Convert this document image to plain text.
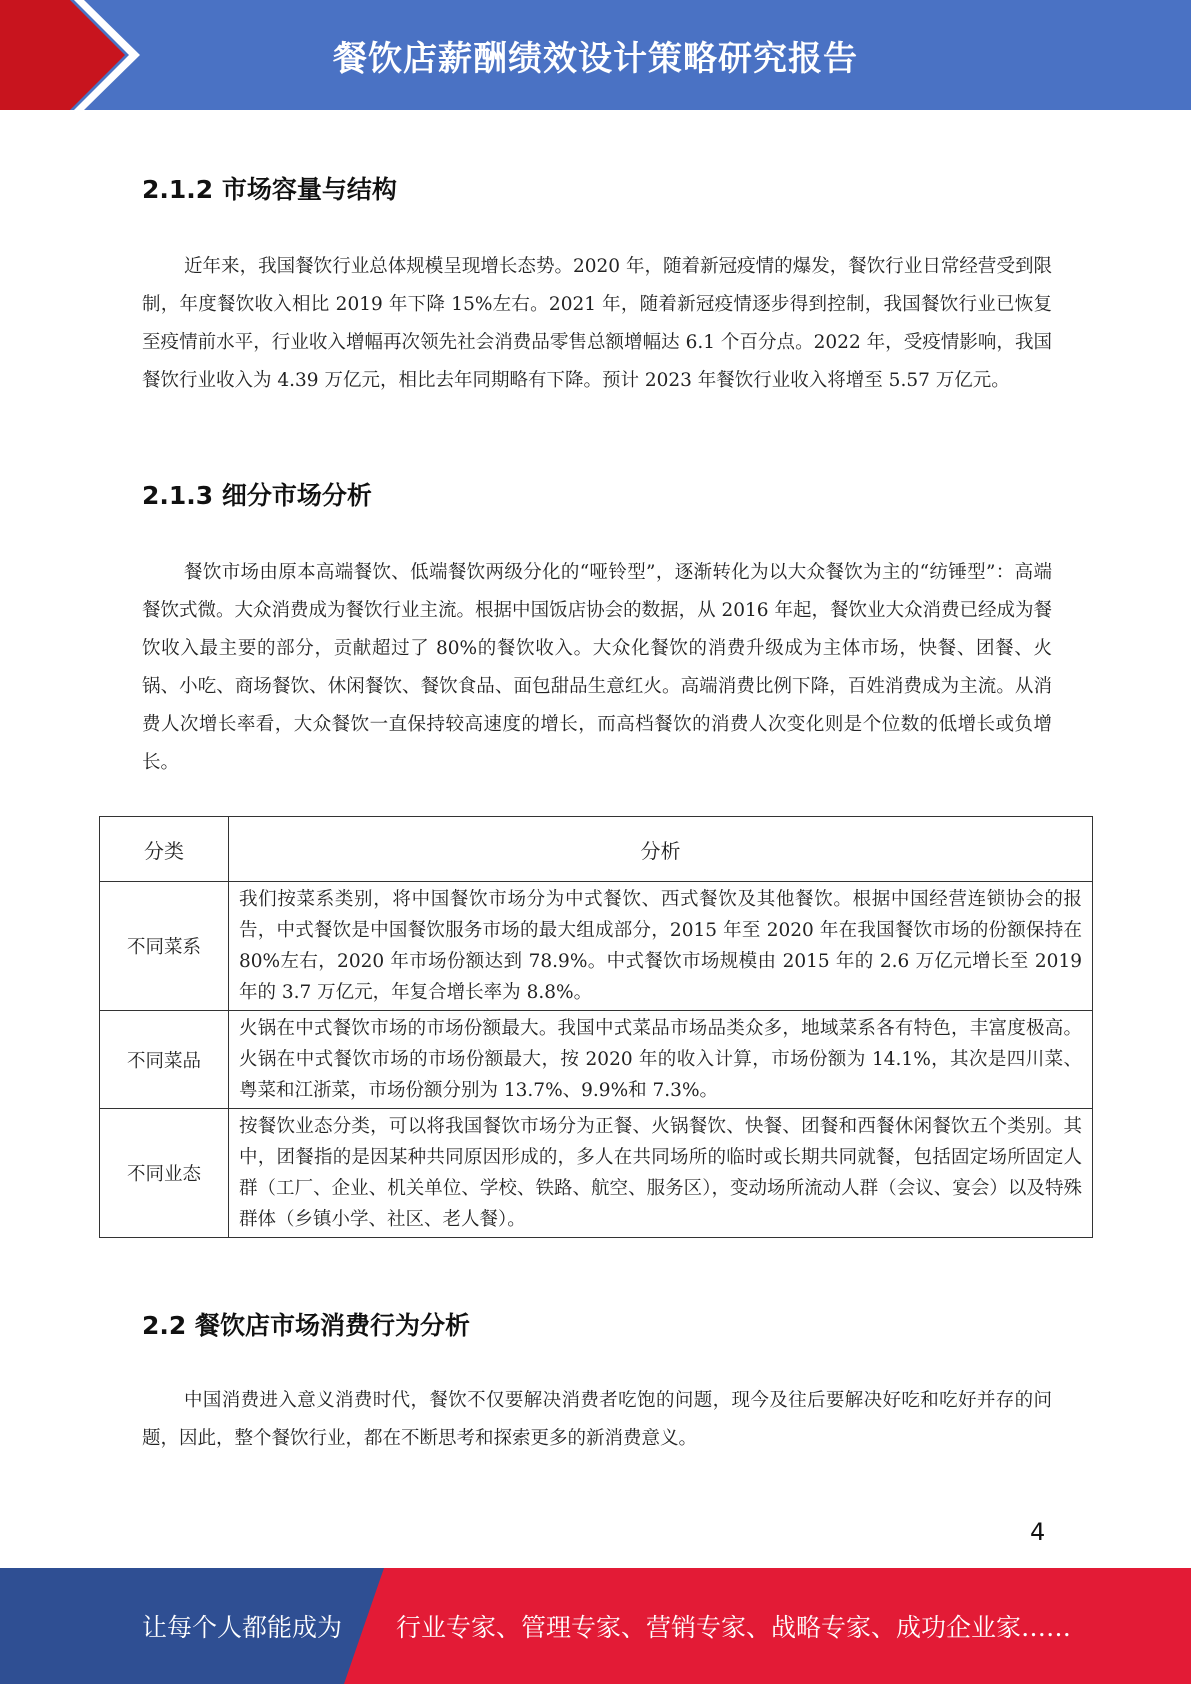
餐饮店薪酬绩效设计策略研究报告
2.1.2 市场容量与结构

近年来，我国餐饮行业总体规模呈现增长态势。2020 年，随着新冠疫情的爆发，餐饮行业日常经营受到限制，年度餐饮收入相比 2019 年下降 15%左右。2021 年，随着新冠疫情逐步得到控制，我国餐饮行业已恢复至疫情前水平，行业收入增幅再次领先社会消费品零售总额增幅达 6.1 个百分点。2022 年，受疫情影响，我国餐饮行业收入为 4.39 万亿元，相比去年同期略有下降。预计 2023 年餐饮行业收入将增至 5.57 万亿元。

2.1.3 细分市场分析

餐饮市场由原本高端餐饮、低端餐饮两级分化的“哑铃型”，逐渐转化为以大众餐饮为主的“纺锤型”：高端餐饮式微。大众消费成为餐饮行业主流。根据中国饭店协会的数据，从 2016 年起，餐饮业大众消费已经成为餐饮收入最主要的部分，贡献超过了 80%的餐饮收入。大众化餐饮的消费升级成为主体市场，快餐、团餐、火锅、小吃、商场餐饮、休闲餐饮、餐饮食品、面包甜品生意红火。高端消费比例下降，百姓消费成为主流。从消费人次增长率看，大众餐饮一直保持较高速度的增长，而高档餐饮的消费人次变化则是个位数的低增长或负增长。

分类	分析
不同菜系	我们按菜系类别，将中国餐饮市场分为中式餐饮、西式餐饮及其他餐饮。根据中国经营连锁协会的报告，中式餐饮是中国餐饮服务市场的最大组成部分，2015 年至 2020 年在我国餐饮市场的份额保持在 80%左右，2020 年市场份额达到 78.9%。中式餐饮市场规模由 2015 年的 2.6 万亿元增长至 2019 年的 3.7 万亿元，年复合增长率为 8.8%。
不同菜品	火锅在中式餐饮市场的市场份额最大。我国中式菜品市场品类众多，地域菜系各有特色，丰富度极高。火锅在中式餐饮市场的市场份额最大，按 2020 年的收入计算，市场份额为 14.1%，其次是四川菜、粤菜和江浙菜，市场份额分别为 13.7%、9.9%和 7.3%。
不同业态	按餐饮业态分类，可以将我国餐饮市场分为正餐、火锅餐饮、快餐、团餐和西餐休闲餐饮五个类别。其中，团餐指的是因某种共同原因形成的，多人在共同场所的临时或长期共同就餐，包括固定场所固定人群（工厂、企业、机关单位、学校、铁路、航空、服务区），变动场所流动人群（会议、宴会）以及特殊群体（乡镇小学、社区、老人餐）。
2.2 餐饮店市场消费行为分析

中国消费进入意义消费时代，餐饮不仅要解决消费者吃饱的问题，现今及往后要解决好吃和吃好并存的问题，因此，整个餐饮行业，都在不断思考和探索更多的新消费意义。

4
让每个人都能成为 行业专家、管理专家、营销专家、战略专家、成功企业家……
